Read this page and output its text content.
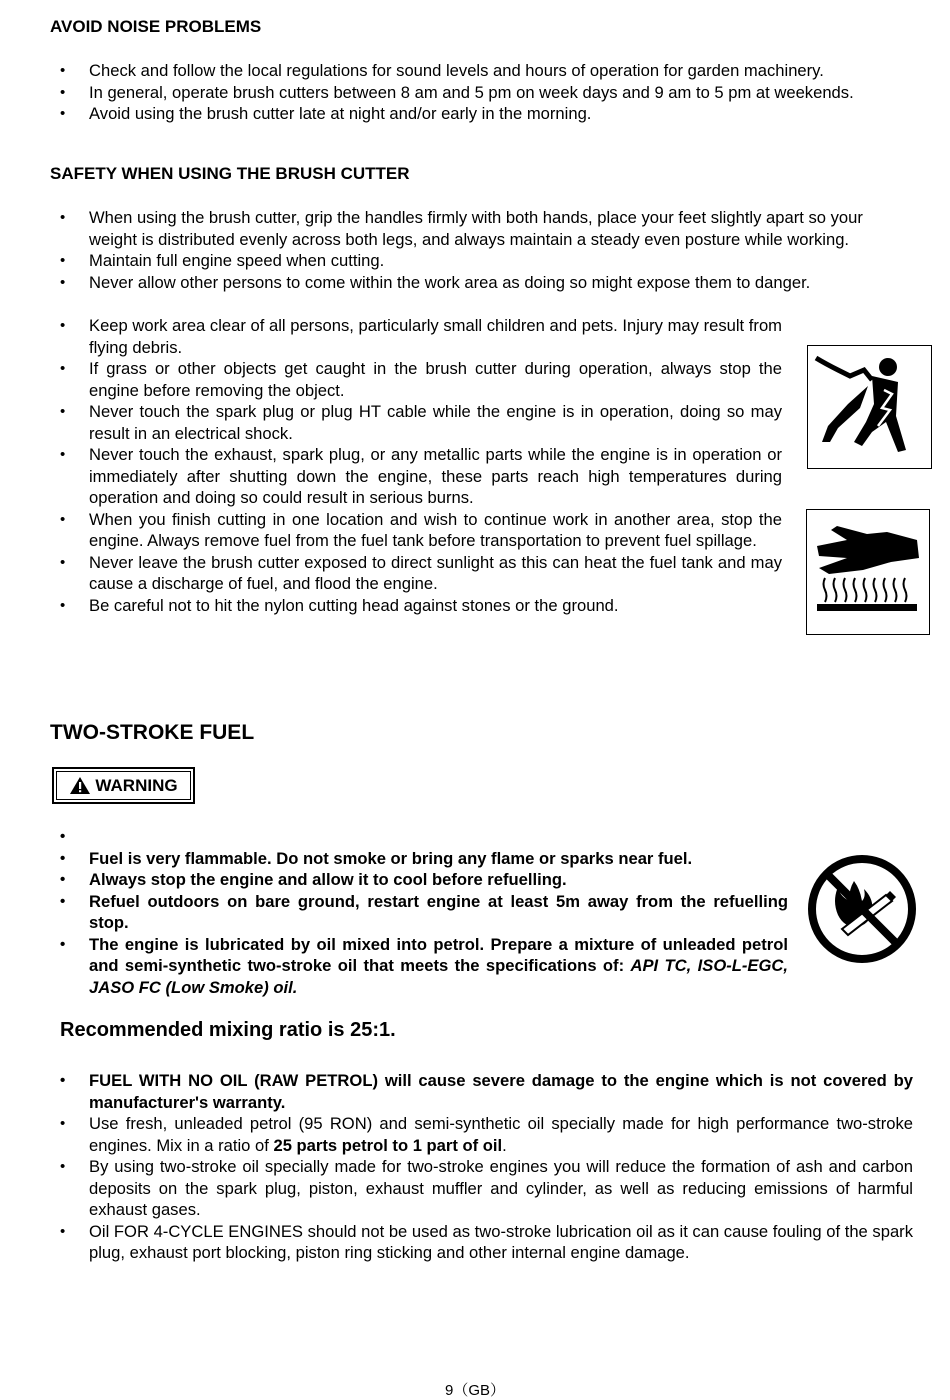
AVOID NOISE PROBLEMS
• Check and follow the local regulations for sound levels and hours of operation for garden machinery.
• In general, operate brush cutters between 8 am and 5 pm on week days and 9 am to 5 pm at weekends.
• Avoid using the brush cutter late at night and/or early in the morning.
SAFETY WHEN USING THE BRUSH CUTTER
• When using the brush cutter, grip the handles firmly with both hands, place your feet slightly apart so your weight is distributed evenly across both legs, and always maintain a steady even posture while working.
• Maintain full engine speed when cutting.
• Never allow other persons to come within the work area as doing so might expose them to danger.
• Keep work area clear of all persons, particularly small children and pets. Injury may result from flying debris.
• If grass or other objects get caught in the brush cutter during operation, always stop the engine before removing the object.
• Never touch the spark plug or plug HT cable while the engine is in operation, doing so may result in an electrical shock.
• Never touch the exhaust, spark plug, or any metallic parts while the engine is in operation or immediately after shutting down the engine, these parts reach high temperatures during operation and doing so could result in serious burns.
• When you finish cutting in one location and wish to continue work in another area, stop the engine. Always remove fuel from the fuel tank before transportation to prevent fuel spillage.
• Never leave the brush cutter exposed to direct sunlight as this can heat the fuel tank and may cause a discharge of fuel, and flood the engine.
• Be careful not to hit the nylon cutting head against stones or the ground.
TWO-STROKE FUEL
WARNING
•
• Fuel is very flammable. Do not smoke or bring any flame or sparks near fuel.
• Always stop the engine and allow it to cool before refuelling.
• Refuel outdoors on bare ground, restart engine at least 5m away from the refuelling stop.
• The engine is lubricated by oil mixed into petrol. Prepare a mixture of unleaded petrol and semi-synthetic two-stroke oil that meets the specifications of: API TC, ISO-L-EGC, JASO FC (Low Smoke) oil.

Recommended mixing ratio is 25:1.

• FUEL WITH NO OIL (RAW PETROL) will cause severe damage to the engine which is not covered by manufacturer's warranty.
• Use fresh, unleaded petrol (95 RON) and semi-synthetic oil specially made for high performance two-stroke engines. Mix in a ratio of 25 parts petrol to 1 part of oil.
• By using two-stroke oil specially made for two-stroke engines you will reduce the formation of ash and carbon deposits on the spark plug, piston, exhaust muffler and cylinder, as well as reducing emissions of harmful exhaust gases.
• Oil FOR 4-CYCLE ENGINES should not be used as two-stroke lubrication oil as it can cause fouling of the spark plug, exhaust port blocking, piston ring sticking and other internal engine damage.
9（GB）
